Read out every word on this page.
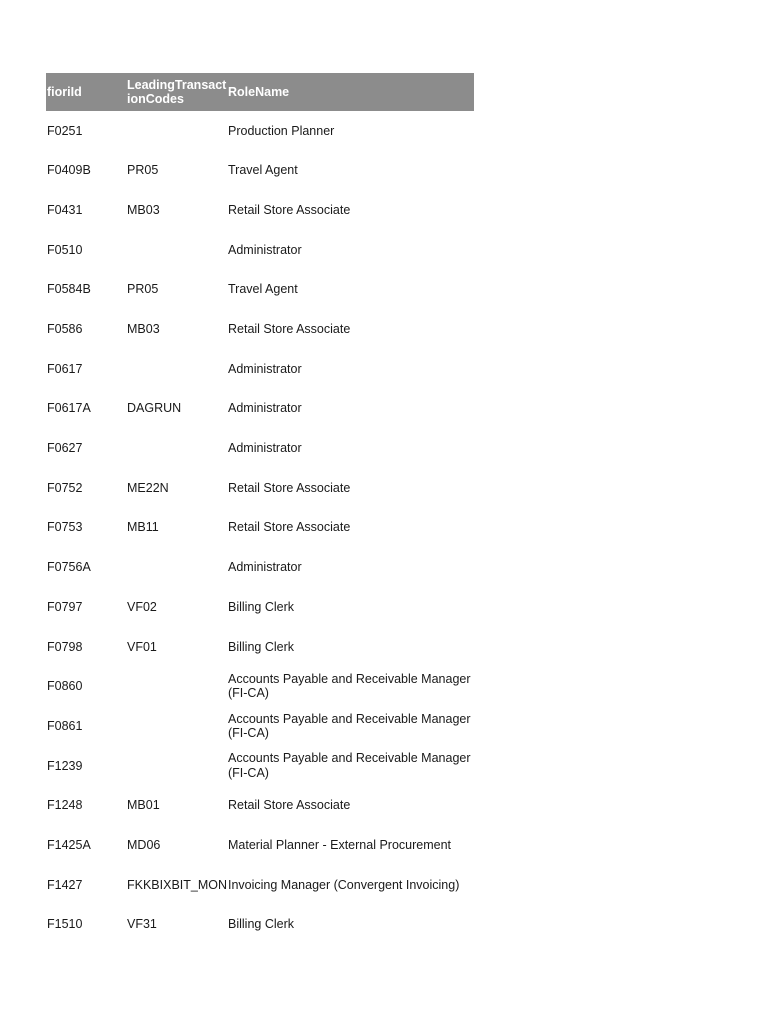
fioriId	LeadingTransactionCodes	RoleName

F0251		Production Planner
F0409B	PR05	Travel Agent
F0431	MB03	Retail Store Associate
F0510		Administrator
F0584B	PR05	Travel Agent
F0586	MB03	Retail Store Associate
F0617		Administrator
F0617A	DAGRUN	Administrator
F0627		Administrator
F0752	ME22N	Retail Store Associate
F0753	MB11	Retail Store Associate
F0756A		Administrator
F0797	VF02	Billing Clerk
F0798	VF01	Billing Clerk
F0860		Accounts Payable and Receivable Manager (FI-CA)
F0861		Accounts Payable and Receivable Manager (FI-CA)
F1239		Accounts Payable and Receivable Manager (FI-CA)
F1248	MB01	Retail Store Associate
F1425A	MD06	Material Planner - External Procurement
F1427	FKKBIXBIT_MON	Invoicing Manager (Convergent Invoicing)
F1510	VF31	Billing Clerk
